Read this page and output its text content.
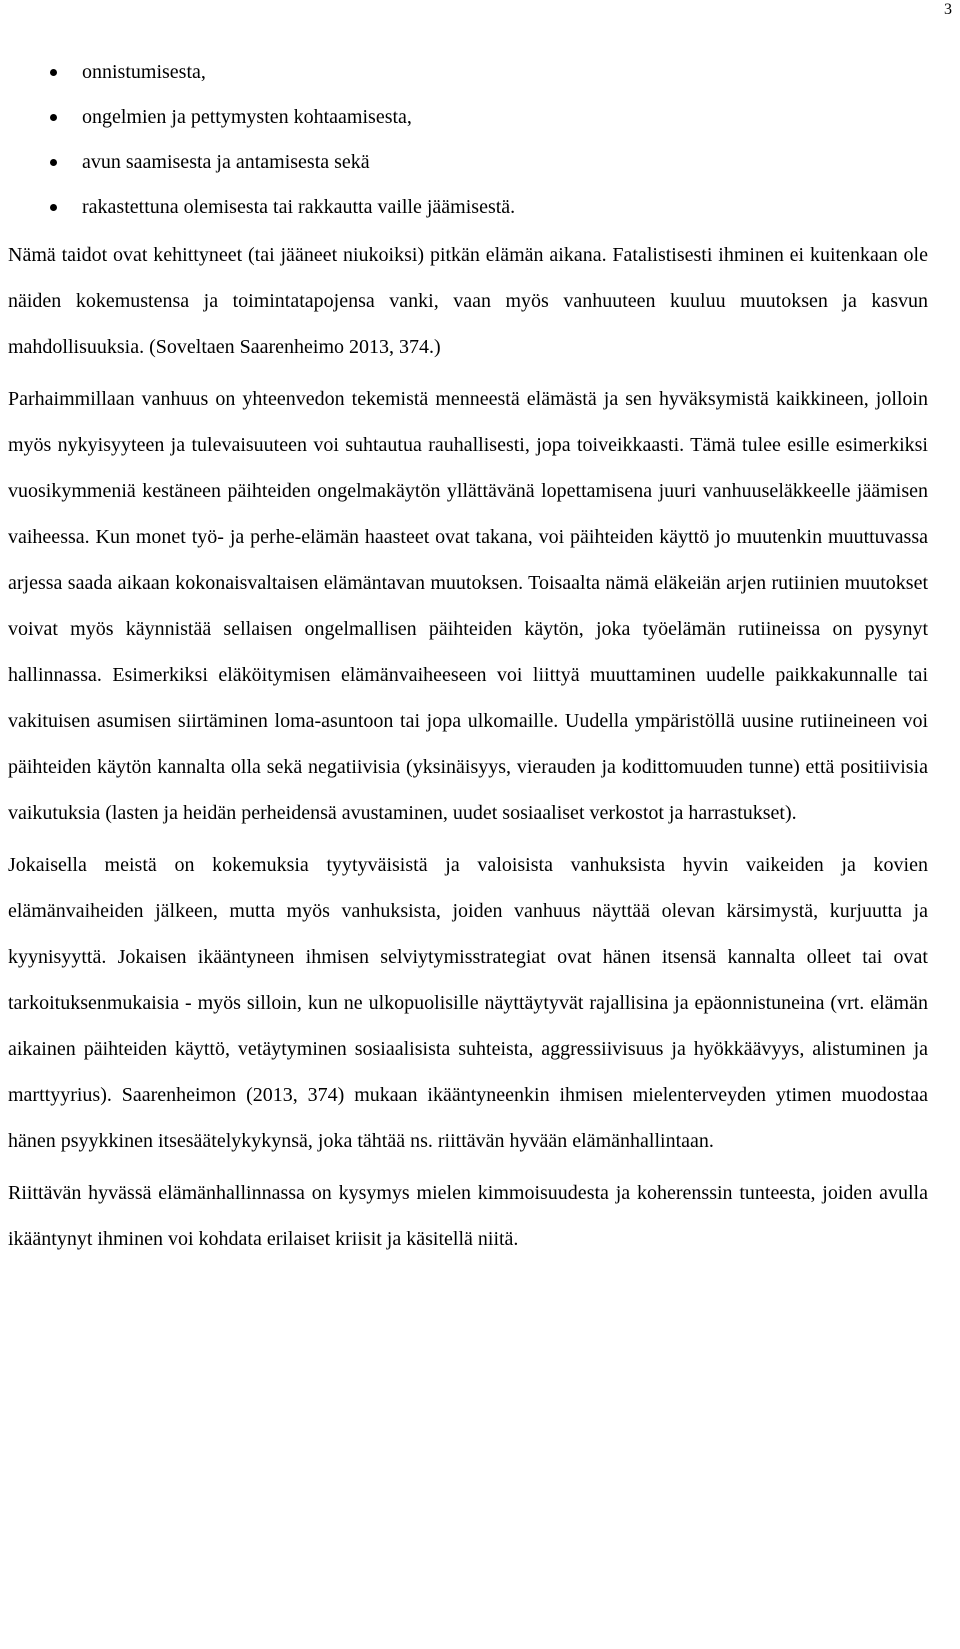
3
onnistumisesta,
ongelmien ja pettymysten kohtaamisesta,
avun saamisesta ja antamisesta sekä
rakastettuna olemisesta tai rakkautta vaille jäämisestä.

Nämä taidot ovat kehittyneet (tai jääneet niukoiksi) pitkän elämän aikana. Fatalistisesti ihminen ei kuitenkaan ole näiden kokemustensa ja toimintatapojensa vanki, vaan myös vanhuuteen kuuluu muutoksen ja kasvun mahdollisuuksia. (Soveltaen Saarenheimo 2013, 374.)

Parhaimmillaan vanhuus on yhteenvedon tekemistä menneestä elämästä ja sen hyväksymistä kaikkineen, jolloin myös nykyisyyteen ja tulevaisuuteen voi suhtautua rauhallisesti, jopa toiveikkaasti. Tämä tulee esille esimerkiksi vuosikymmeniä kestäneen päihteiden ongelmakäytön yllättävänä lopettamisena juuri vanhuuseläkkeelle jäämisen vaiheessa. Kun monet työ- ja perhe-elämän haasteet ovat takana, voi päihteiden käyttö jo muutenkin muuttuvassa arjessa saada aikaan kokonaisvaltaisen elämäntavan muutoksen. Toisaalta nämä eläkeiän arjen rutiinien muutokset voivat myös käynnistää sellaisen ongelmallisen päihteiden käytön, joka työelämän rutiineissa on pysynyt hallinnassa. Esimerkiksi eläköitymisen elämänvaiheeseen voi liittyä muuttaminen uudelle paikkakunnalle tai vakituisen asumisen siirtäminen loma-asuntoon tai jopa ulkomaille. Uudella ympäristöllä uusine rutiineineen voi päihteiden käytön kannalta olla sekä negatiivisia (yksinäisyys, vierauden ja kodittomuuden tunne) että positiivisia vaikutuksia (lasten ja heidän perheidensä avustaminen, uudet sosiaaliset verkostot ja harrastukset).

Jokaisella meistä on kokemuksia tyytyväisistä ja valoisista vanhuksista hyvin vaikeiden ja kovien elämänvaiheiden jälkeen, mutta myös vanhuksista, joiden vanhuus näyttää olevan kärsimystä, kurjuutta ja kyynisyyttä. Jokaisen ikääntyneen ihmisen selviytymisstrategiat ovat hänen itsensä kannalta olleet tai ovat tarkoituksenmukaisia - myös silloin, kun ne ulkopuolisille näyttäytyvät rajallisina ja epäonnistuneina (vrt. elämän aikainen päihteiden käyttö, vetäytyminen sosiaalisista suhteista, aggressiivisuus ja hyökkäävyys, alistuminen ja marttyyrius). Saarenheimon (2013, 374) mukaan ikääntyneenkin ihmisen mielenterveyden ytimen muodostaa hänen psyykkinen itsesäätelykykynsä, joka tähtää ns. riittävän hyvään elämänhallintaan.

Riittävän hyvässä elämänhallinnassa on kysymys mielen kimmoisuudesta ja koherenssin tunteesta, joiden avulla ikääntynyt ihminen voi kohdata erilaiset kriisit ja käsitellä niitä.
